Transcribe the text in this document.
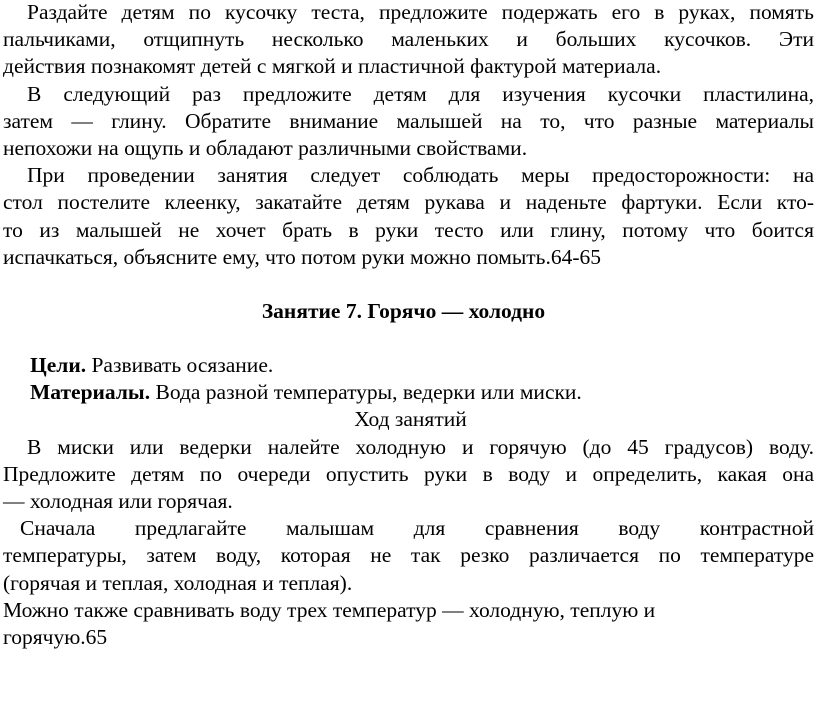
Раздайте детям по кусочку теста, предложите подержать его в руках, помять
пальчиками, отщипнуть несколько маленьких и больших кусочков. Эти
действия познакомят детей с мягкой и пластичной фактурой материала.
В следующий раз предложите детям для изучения кусочки пластилина,
затем — глину. Обратите внимание малышей на то, что разные материалы
непохожи на ощупь и обладают различными свойствами.
При проведении занятия следует соблюдать меры предосторожности: на
стол постелите клеенку, закатайте детям рукава и наденьте фартуки. Если кто-
то из малышей не хочет брать в руки тесто или глину, потому что боится
испачкаться, объясните ему, что потом руки можно помыть.64-65
Занятие 7. Горячо — холодно
Цели. Развивать осязание.
Материалы. Вода разной температуры, ведерки или миски.
Ход занятий
В миски или ведерки налейте холодную и горячую (до 45 градусов) воду.
Предложите детям по очереди опустить руки в воду и определить, какая она
— холодная или горячая.
Сначала предлагайте малышам для сравнения воду контрастной
температуры, затем воду, которая не так резко различается по температуре
(горячая и теплая, холодная и теплая).
Можно также сравнивать воду трех температур — холодную, теплую и
горячую.65
